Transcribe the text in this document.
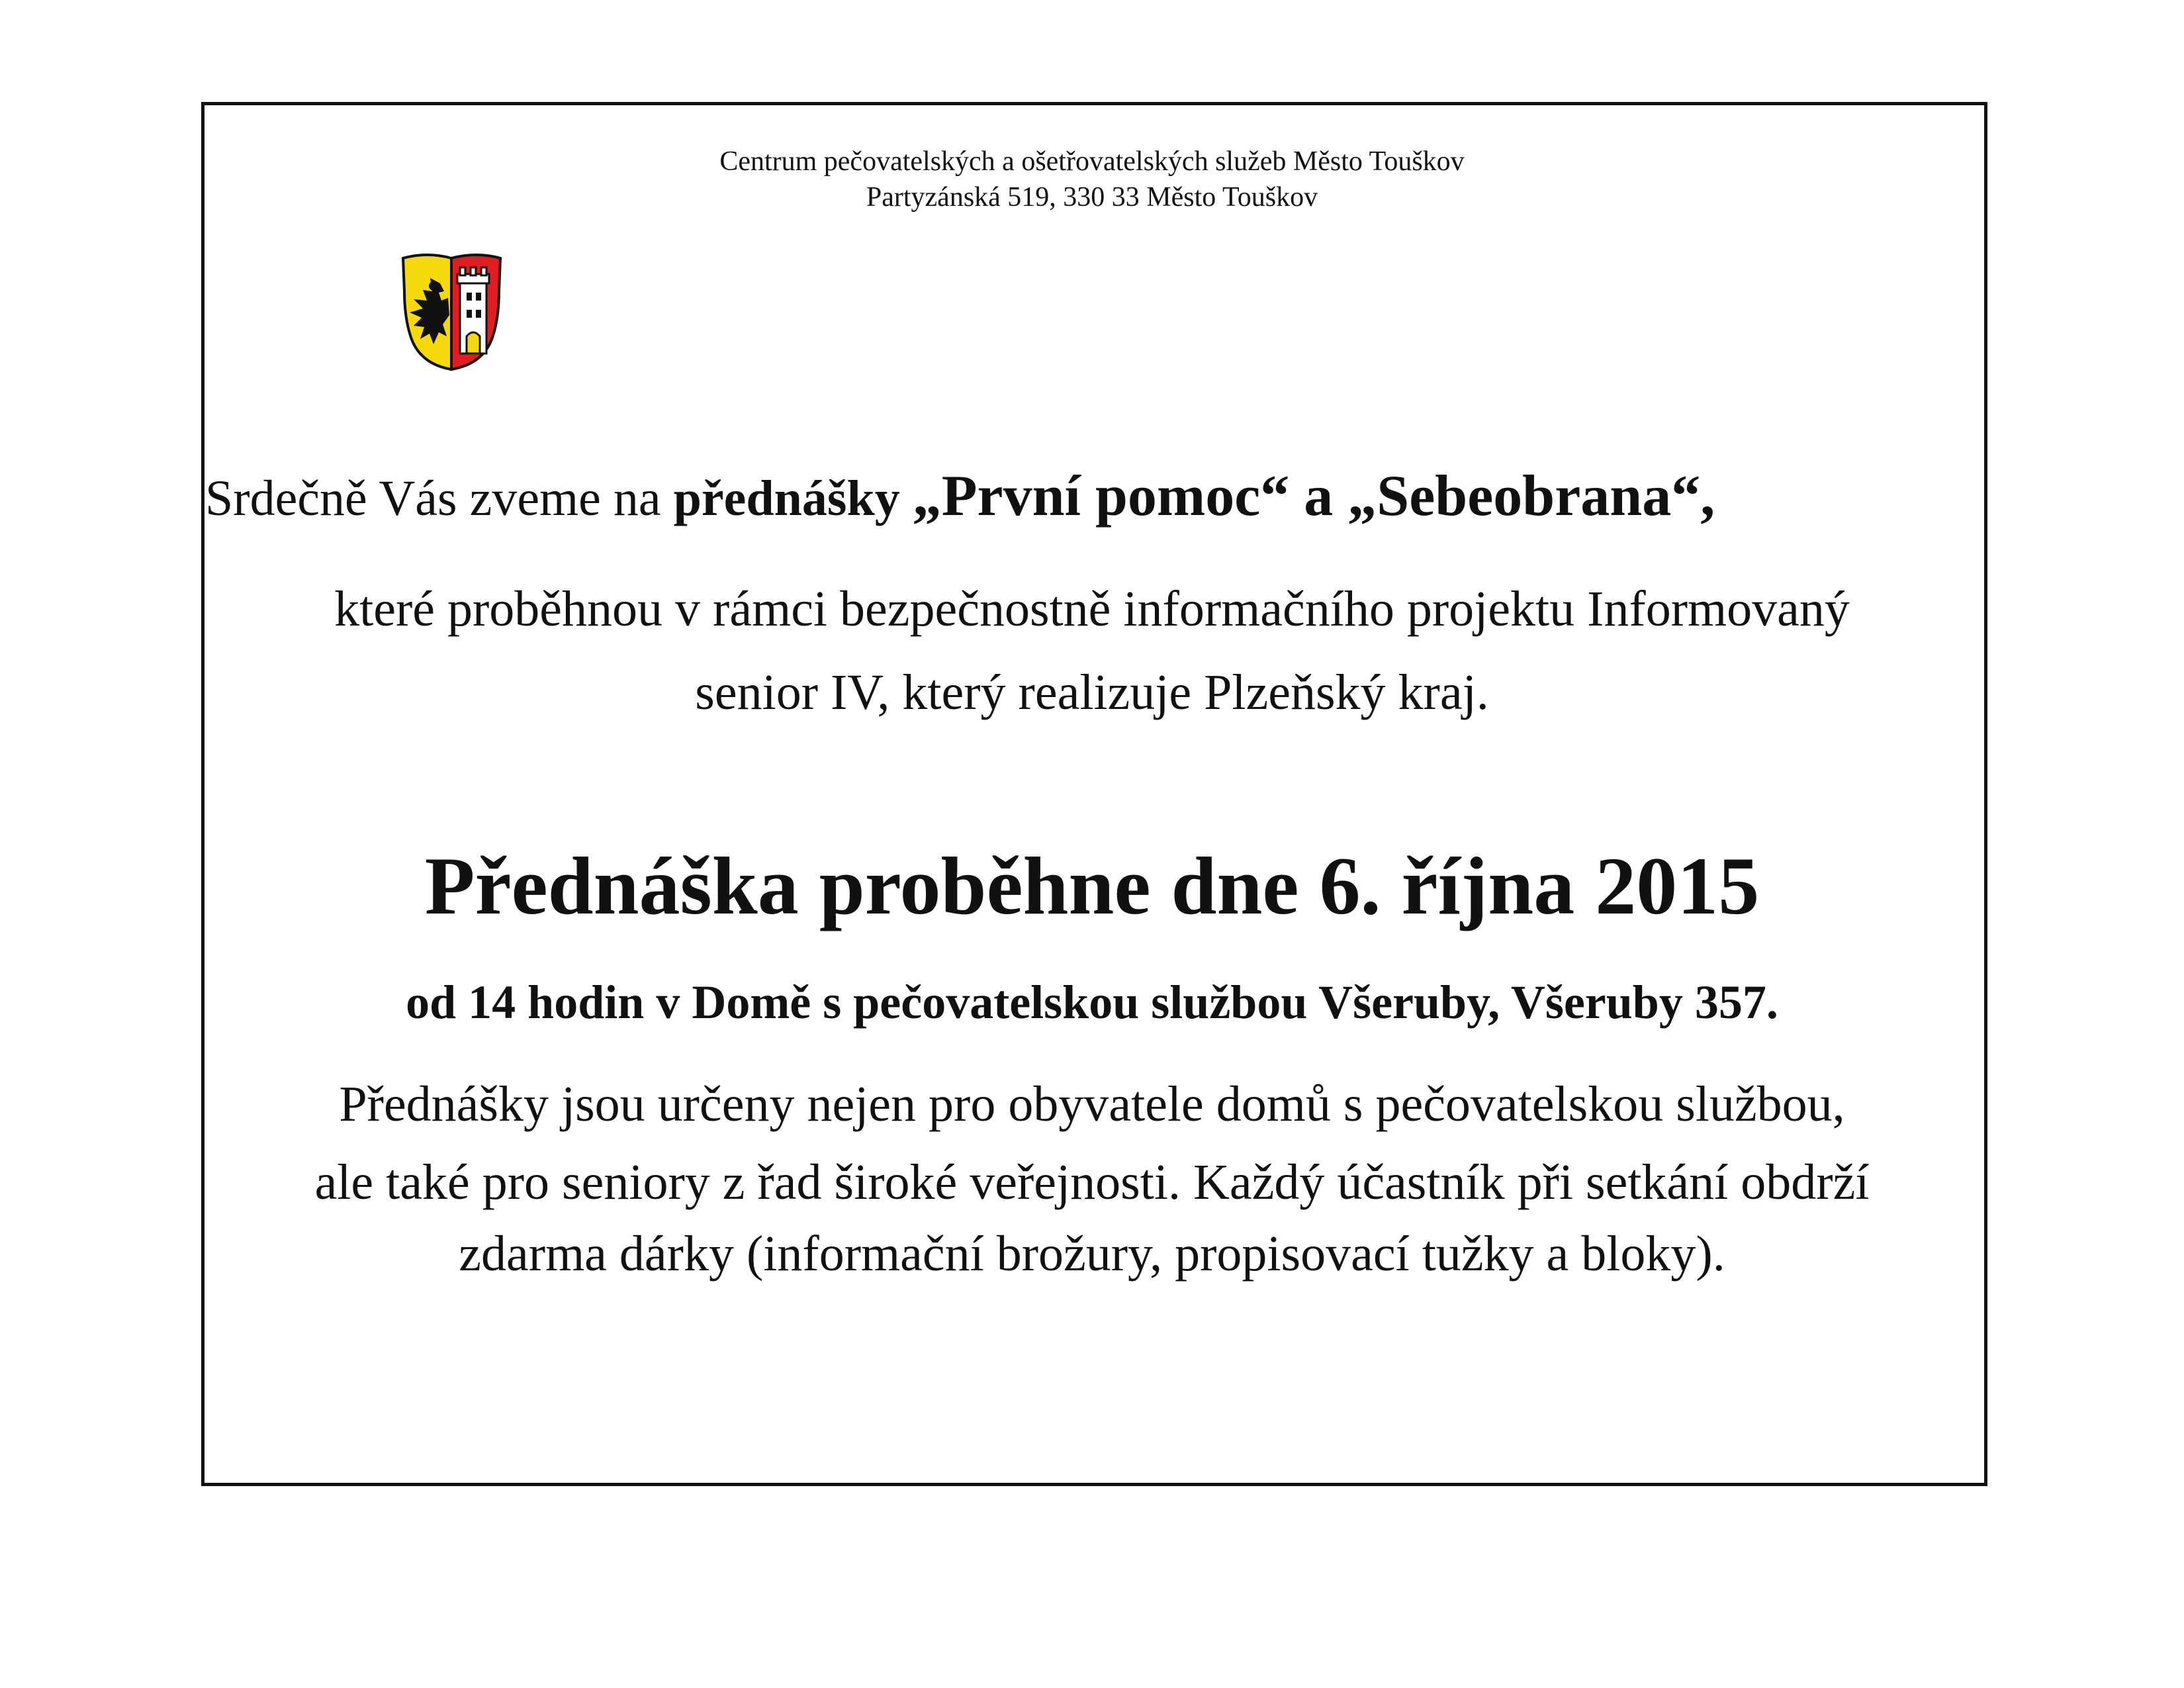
Centrum pečovatelských a ošetřovatelských služeb Město Touškov
Partyzánská 519, 330 33 Město Touškov
Srdečně Vás zveme na přednášky „První pomoc“ a „Sebeobrana“,
které proběhnou v rámci bezpečnostně informačního projektu Informovaný
senior IV, který realizuje Plzeňský kraj.
Přednáška proběhne dne 6. října 2015
od 14 hodin v Domě s pečovatelskou službou Všeruby, Všeruby 357.
Přednášky jsou určeny nejen pro obyvatele domů s pečovatelskou službou,
ale také pro seniory z řad široké veřejnosti. Každý účastník při setkání obdrží
zdarma dárky (informační brožury, propisovací tužky a bloky).
